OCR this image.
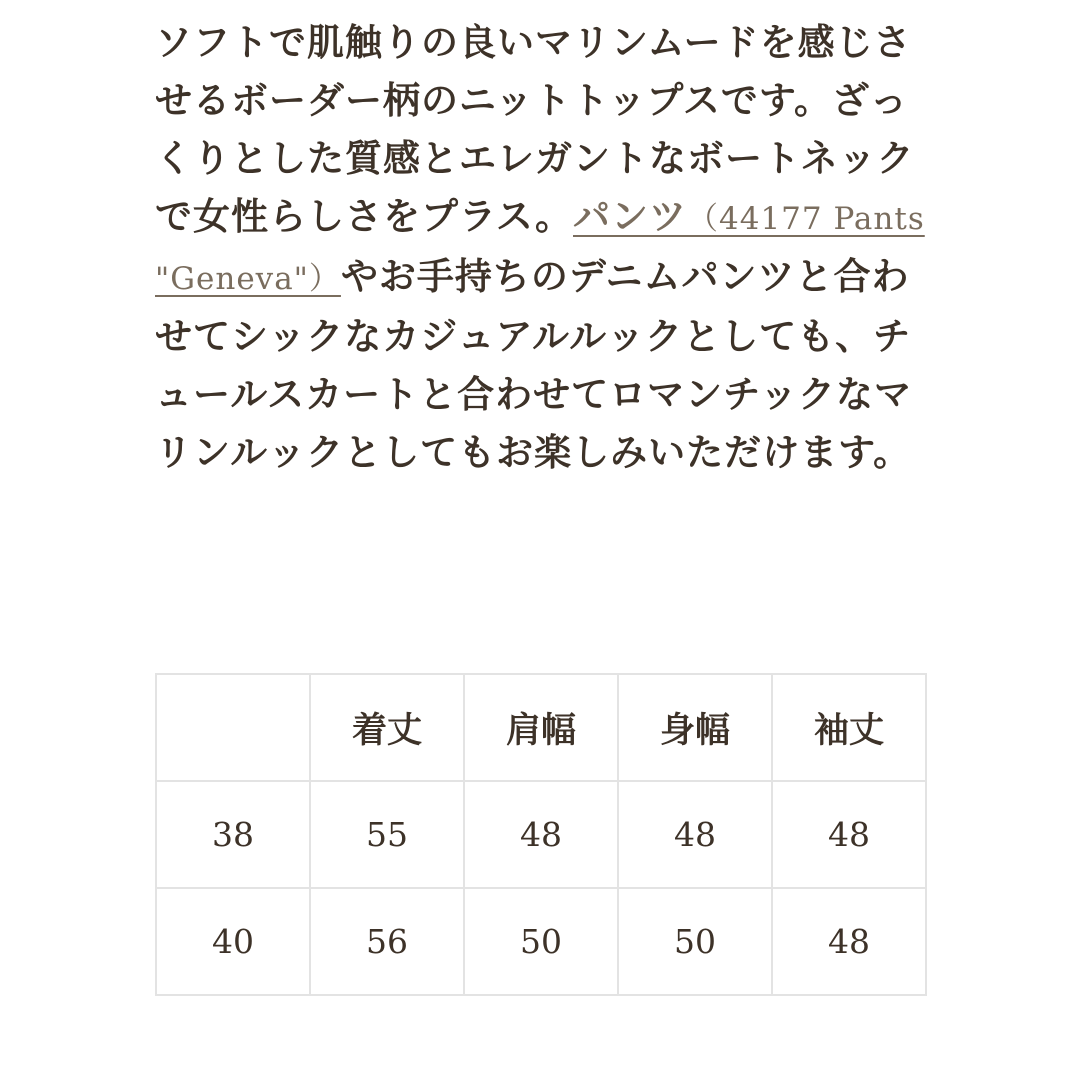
ソフトで肌触りの良いマリンムードを感じさせるボーダー柄のニットトップスです。ざっくりとした質感とエレガントなボートネックで女性らしさをプラス。パンツ（44177 Pants "Geneva"）やお手持ちのデニムパンツと合わせてシックなカジュアルルックとしても、チュールスカートと合わせてロマンチックなマリンルックとしてもお楽しみいただけます。

	着丈	肩幅	身幅	袖丈
38	55	48	48	48
40	56	50	50	48
